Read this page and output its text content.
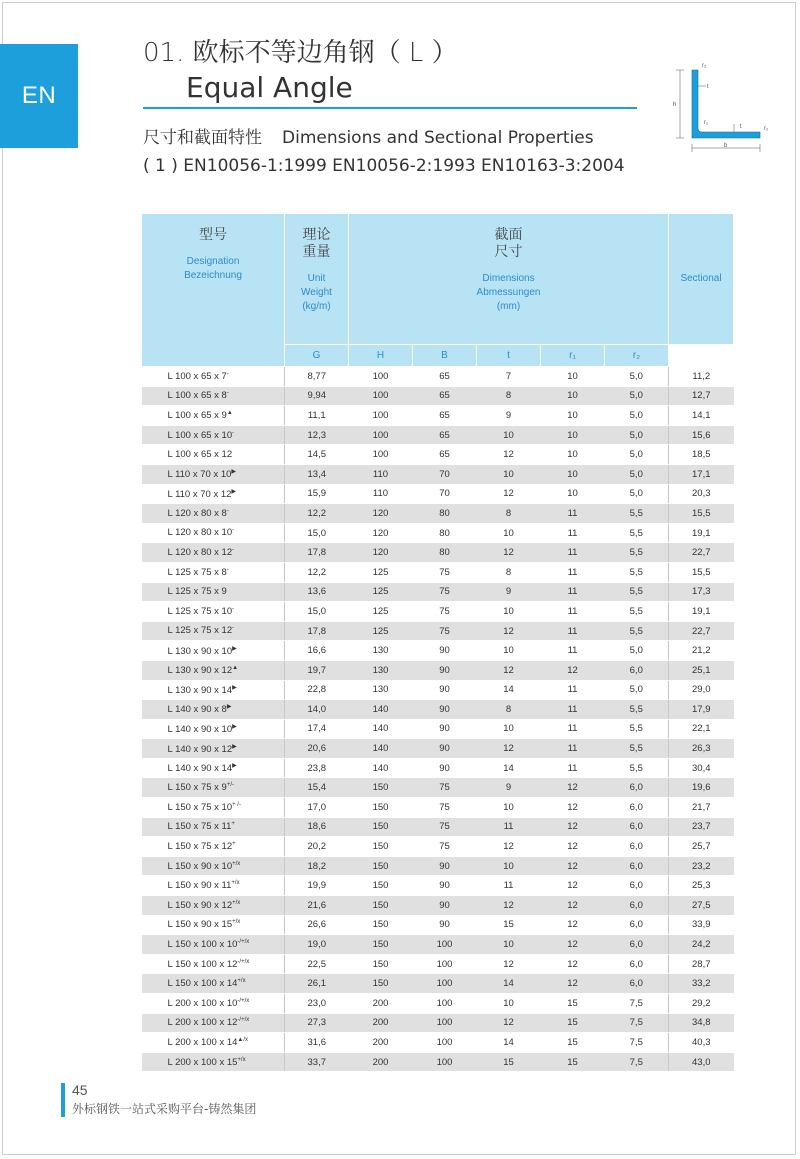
EN
01. 欧标不等边角钢（ L ）
Equal Angle
尺寸和截面特性 Dimensions and Sectional Properties
( 1 ) EN10056-1:1999 EN10056-2:1993 EN10163-3:2004
r₂
t
h
r₁
t	r₂
b
型号
Designation
Bezeichnung	理论
重量
Unit
Weight
(kg/m)	截面
尺寸
Dimensions
Abmessungen
(mm)					Sectional

	G	H	B	t	r₁	r₂	
L 100 x 65 x 7-	8,77	100	65	7	10	5,0	11,2
L 100 x 65 x 8-	9,94	100	65	8	10	5,0	12,7
L 100 x 65 x 9▲	11,1	100	65	9	10	5,0	14,1
L 100 x 65 x 10-	12,3	100	65	10	10	5,0	15,6
L 100 x 65 x 12	14,5	100	65	12	10	5,0	18,5
L 110 x 70 x 10▶	13,4	110	70	10	10	5,0	17,1
L 110 x 70 x 12▶	15,9	110	70	12	10	5,0	20,3
L 120 x 80 x 8-	12,2	120	80	8	11	5,5	15,5
L 120 x 80 x 10-	15,0	120	80	10	11	5,5	19,1
L 120 x 80 x 12-	17,8	120	80	12	11	5,5	22,7
L 125 x 75 x 8-	12,2	125	75	8	11	5,5	15,5
L 125 x 75 x 9	13,6	125	75	9	11	5,5	17,3
L 125 x 75 x 10-	15,0	125	75	10	11	5,5	19,1
L 125 x 75 x 12-	17,8	125	75	12	11	5,5	22,7
L 130 x 90 x 10▶	16,6	130	90	10	11	5,0	21,2
L 130 x 90 x 12▲	19,7	130	90	12	12	6,0	25,1
L 130 x 90 x 14▶	22,8	130	90	14	11	5,0	29,0
L 140 x 90 x 8▶	14,0	140	90	8	11	5,5	17,9
L 140 x 90 x 10▶	17,4	140	90	10	11	5,5	22,1
L 140 x 90 x 12▶	20,6	140	90	12	11	5,5	26,3
L 140 x 90 x 14▶	23,8	140	90	14	11	5,5	30,4
L 150 x 75 x 9+/-	15,4	150	75	9	12	6,0	19,6
L 150 x 75 x 10+ /-	17,0	150	75	10	12	6,0	21,7
L 150 x 75 x 11+	18,6	150	75	11	12	6,0	23,7
L 150 x 75 x 12+	20,2	150	75	12	12	6,0	25,7
L 150 x 90 x $10^{+/x}$	18,2	150	90	10	12	6,0	23,2
L 150 x 90 x $11^{+/x}$	19,9	150	90	11	12	6,0	25,3
L 150 x 90 x $12^{+/x}$	21,6	150	90	12	12	6,0	27,5
L 150 x 90 x $15^{+/x}$	26,6	150	90	15	12	6,0	33,9
L 150 x 100 x $10^{-/+/x}$	19,0	150	100	10	12	6,0	24,2
L 150 x 100 x $12^{-/+/x}$	22,5	150	100	12	12	6,0	28,7
L 150 x 100 x $14^{+/x}$	26,1	150	100	14	12	6,0	33,2
L 200 x 100 x $10^{-/+/x}$	23,0	200	100	10	15	7,5	29,2
L 200 x 100 x $12^{-/+/x}$	27,3	200	100	12	15	7,5	34,8
L 200 x 100 x $14^{▲/x}$	31,6	200	100	14	15	7,5	40,3
L 200 x 100 x $15^{+/x}$	33,7	200	100	15	15	7,5	43,0
45
外标钢铁一站式采购平台-铸然集团
